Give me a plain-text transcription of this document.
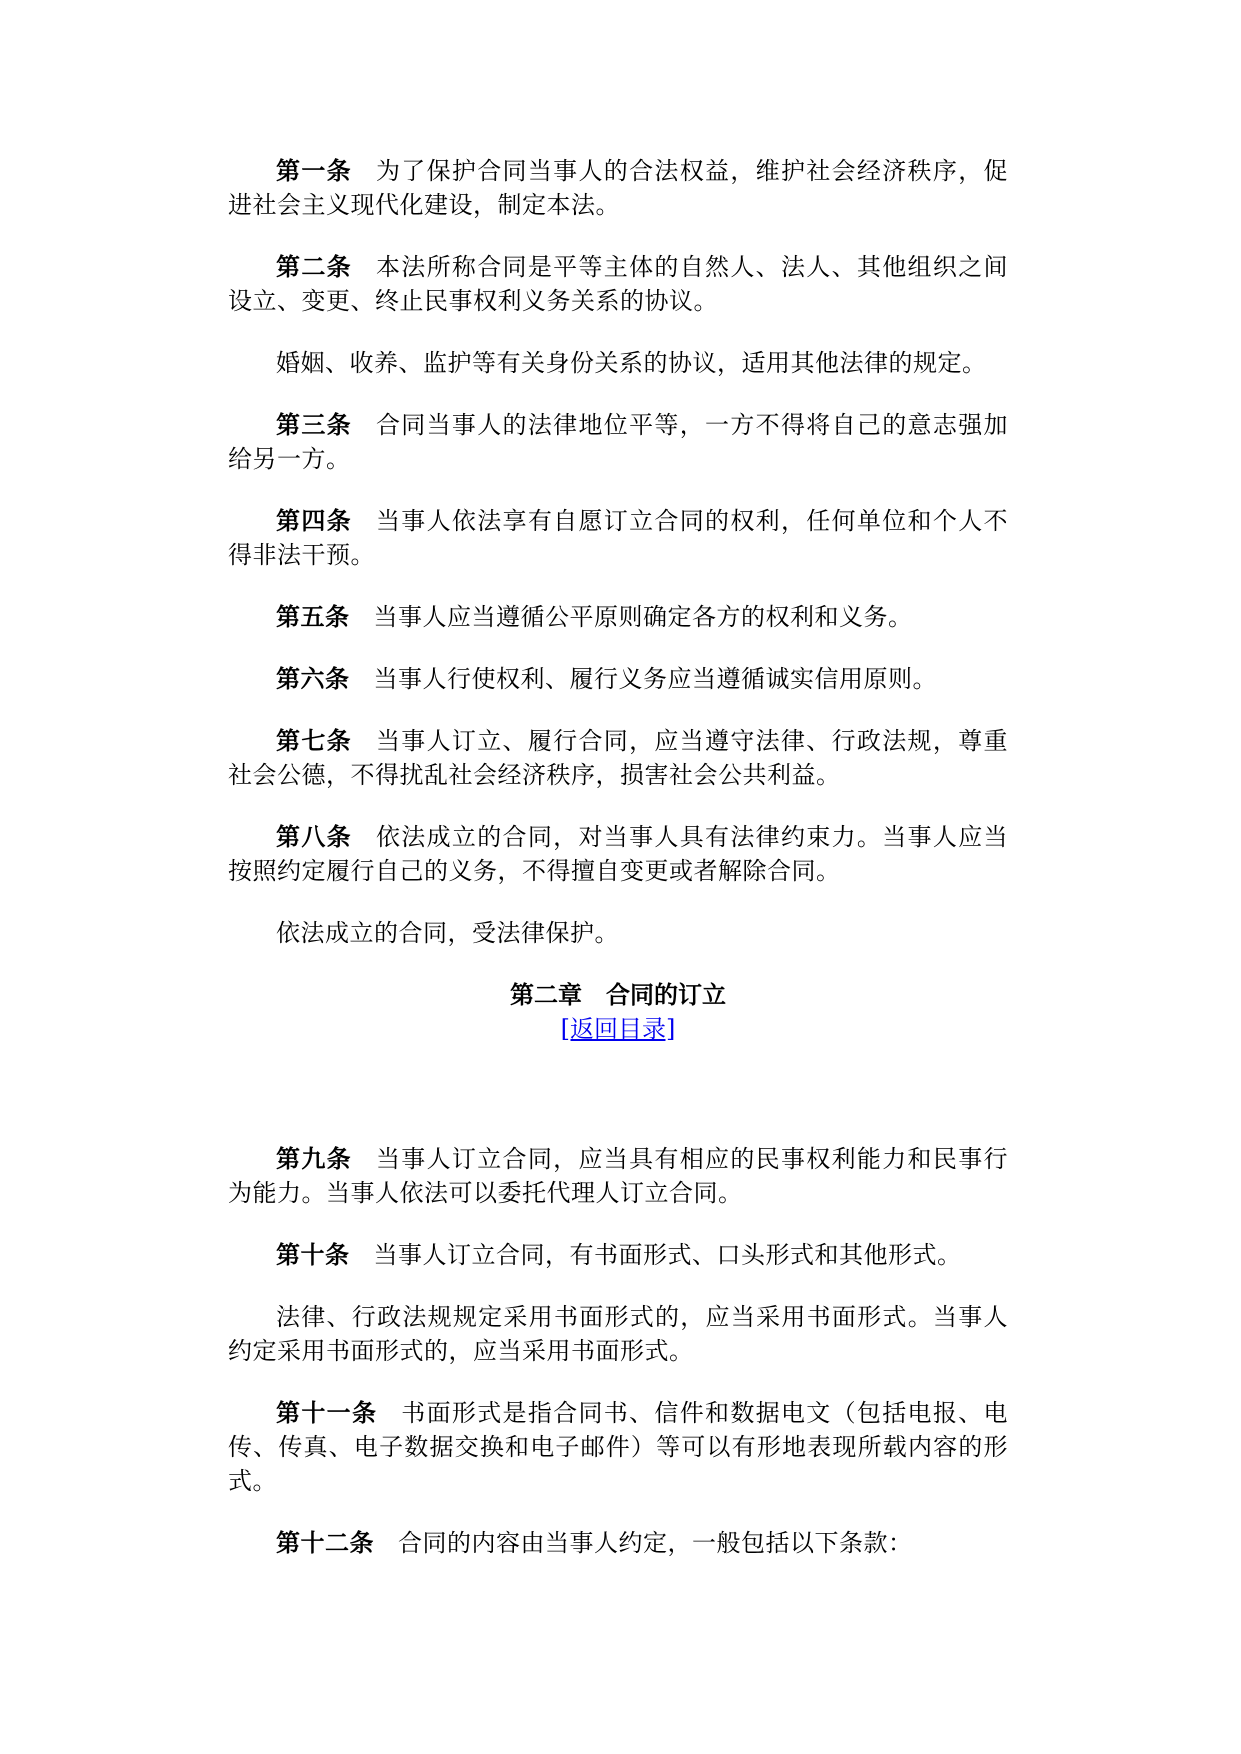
第一条 为了保护合同当事人的合法权益，维护社会经济秩序，促进社会主义现代化建设，制定本法。

第二条 本法所称合同是平等主体的自然人、法人、其他组织之间设立、变更、终止民事权利义务关系的协议。

婚姻、收养、监护等有关身份关系的协议，适用其他法律的规定。

第三条 合同当事人的法律地位平等，一方不得将自己的意志强加给另一方。

第四条 当事人依法享有自愿订立合同的权利，任何单位和个人不得非法干预。

第五条 当事人应当遵循公平原则确定各方的权利和义务。

第六条 当事人行使权利、履行义务应当遵循诚实信用原则。

第七条 当事人订立、履行合同，应当遵守法律、行政法规，尊重社会公德，不得扰乱社会经济秩序，损害社会公共利益。

第八条 依法成立的合同，对当事人具有法律约束力。当事人应当按照约定履行自己的义务，不得擅自变更或者解除合同。

依法成立的合同，受法律保护。

第二章 合同的订立

[返回目录]

第九条 当事人订立合同，应当具有相应的民事权利能力和民事行为能力。当事人依法可以委托代理人订立合同。

第十条 当事人订立合同，有书面形式、口头形式和其他形式。

法律、行政法规规定采用书面形式的，应当采用书面形式。当事人约定采用书面形式的，应当采用书面形式。

第十一条 书面形式是指合同书、信件和数据电文（包括电报、电传、传真、电子数据交换和电子邮件）等可以有形地表现所载内容的形式。

第十二条 合同的内容由当事人约定，一般包括以下条款：
